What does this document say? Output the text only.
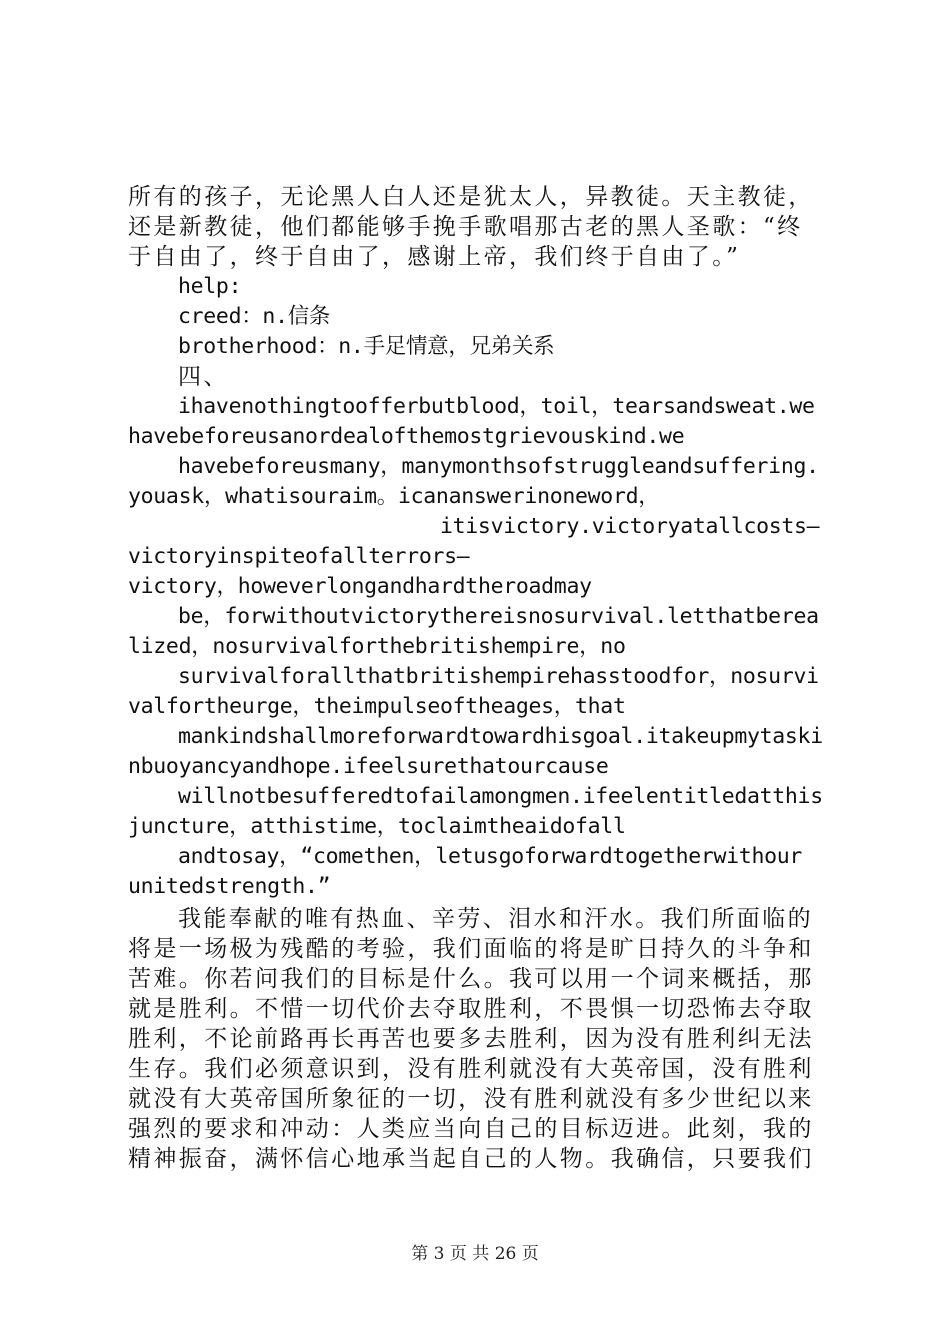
所有的孩子，无论黑人白人还是犹太人，异教徒。天主教徒，
还是新教徒，他们都能够手挽手歌唱那古老的黑人圣歌：“终
于自由了，终于自由了，感谢上帝，我们终于自由了。”
help:
creed：n.信条
brotherhood：n.手足情意，兄弟关系
四、
ihavenothingtoofferbutblood，toil，tearsandsweat.we
havebeforeusanordealofthemostgrievouskind.we
havebeforeusmany，manymonthsofstruggleandsuffering.
youask，whatisouraim。icananswerinoneword，
itisvictory.victoryatallcosts—
victoryinspiteofallterrors—
victory，howeverlongandhardtheroadmay
be，forwithoutvictorythereisnosurvival.letthatberea
lized，nosurvivalforthebritishempire，no
survivalforallthatbritishempirehasstoodfor，nosurvi
valfortheurge，theimpulseoftheages，that
mankindshallmoreforwardtowardhisgoal.itakeupmytaski
nbuoyancyandhope.ifeelsurethatourcause
willnotbesufferedtofailamongmen.ifeelentitledatthis
juncture，atthistime，toclaimtheaidofall
andtosay，“comethen，letusgoforwardtogetherwithour
unitedstrength.”
我能奉献的唯有热血、辛劳、泪水和汗水。我们所面临的
将是一场极为残酷的考验，我们面临的将是旷日持久的斗争和
苦难。你若问我们的目标是什么。我可以用一个词来概括，那
就是胜利。不惜一切代价去夺取胜利，不畏惧一切恐怖去夺取
胜利，不论前路再长再苦也要多去胜利，因为没有胜利纠无法
生存。我们必须意识到，没有胜利就没有大英帝国，没有胜利
就没有大英帝国所象征的一切，没有胜利就没有多少世纪以来
强烈的要求和冲动：人类应当向自己的目标迈进。此刻，我的
精神振奋，满怀信心地承当起自己的人物。我确信，只要我们
第 3 页 共 26 页
